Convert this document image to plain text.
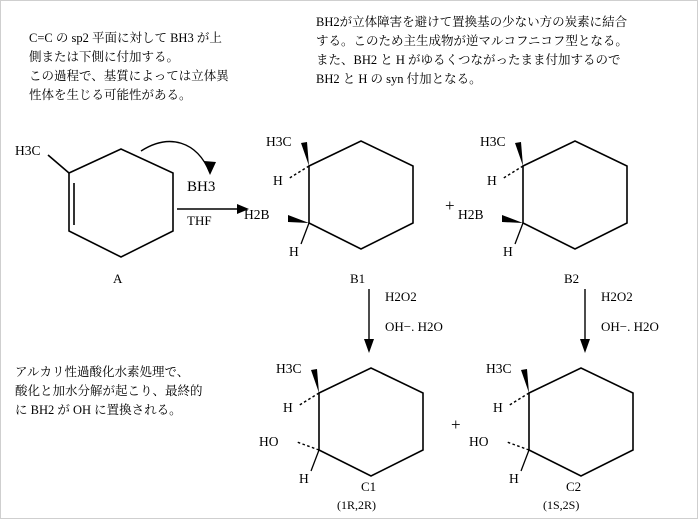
C=C の sp2 平面に対して BH3 が上
側または下側に付加する。
この過程で、基質によっては立体異
性体を生じる可能性がある。
BH2が立体障害を避けて置換基の少ない方の炭素に結合
する。このため主生成物が逆マルコフニコフ型となる。
また、BH2 と H がゆるくつながったまま付加するので
BH2 と H の syn 付加となる。
アルカリ性過酸化水素処理で、
酸化と加水分解が起こり、最終的
に BH2 が OH に置換される。
H3C
A
BH3
THF
H3C
H
H2B
H
B1
+
H3C
H
H2B
H
B2
H2O2
OH−. H2O
H2O2
OH−. H2O
H3C
H
HO
H
C1
(1R,2R)
+
H3C
H
HO
H
C2
(1S,2S)
